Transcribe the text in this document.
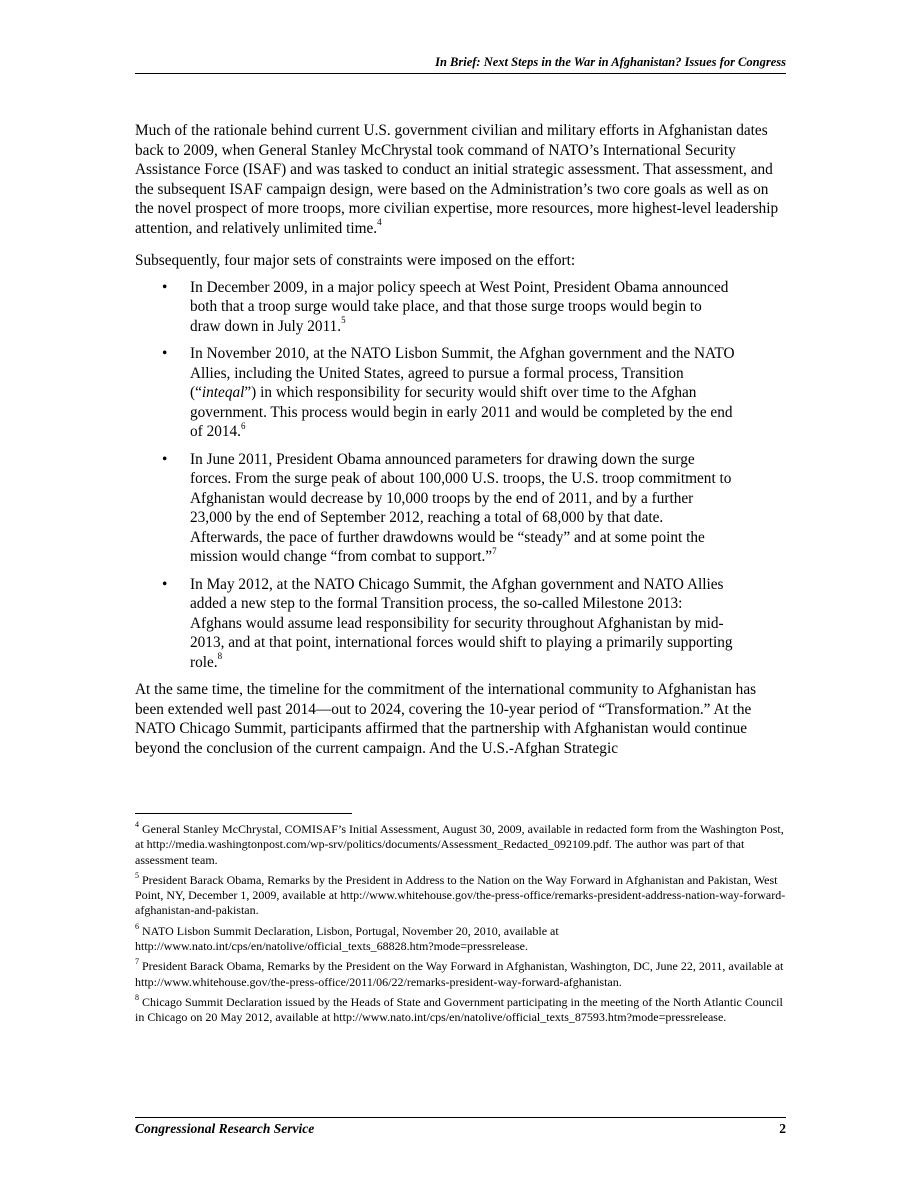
In Brief: Next Steps in the War in Afghanistan? Issues for Congress

Much of the rationale behind current U.S. government civilian and military efforts in Afghanistan dates back to 2009, when General Stanley McChrystal took command of NATO’s International Security Assistance Force (ISAF) and was tasked to conduct an initial strategic assessment. That assessment, and the subsequent ISAF campaign design, were based on the Administration’s two core goals as well as on the novel prospect of more troops, more civilian expertise, more resources, more highest-level leadership attention, and relatively unlimited time.$^4$

Subsequently, four major sets of constraints were imposed on the effort:

• In December 2009, in a major policy speech at West Point, President Obama announced both that a troop surge would take place, and that those surge troops would begin to draw down in July 2011.$^5$
• In November 2010, at the NATO Lisbon Summit, the Afghan government and the NATO Allies, including the United States, agreed to pursue a formal process, Transition (“inteqal”) in which responsibility for security would shift over time to the Afghan government. This process would begin in early 2011 and would be completed by the end of 2014.$^6$
• In June 2011, President Obama announced parameters for drawing down the surge forces. From the surge peak of about 100,000 U.S. troops, the U.S. troop commitment to Afghanistan would decrease by 10,000 troops by the end of 2011, and by a further 23,000 by the end of September 2012, reaching a total of 68,000 by that date. Afterwards, the pace of further drawdowns would be “steady” and at some point the mission would change “from combat to support.”$^7$
• In May 2012, at the NATO Chicago Summit, the Afghan government and NATO Allies added a new step to the formal Transition process, the so-called Milestone 2013: Afghans would assume lead responsibility for security throughout Afghanistan by mid-2013, and at that point, international forces would shift to playing a primarily supporting role.$^8$

At the same time, the timeline for the commitment of the international community to Afghanistan has been extended well past 2014—out to 2024, covering the 10-year period of “Transformation.” At the NATO Chicago Summit, participants affirmed that the partnership with Afghanistan would continue beyond the conclusion of the current campaign. And the U.S.-Afghan Strategic

$^4$ General Stanley McChrystal, COMISAF’s Initial Assessment, August 30, 2009, available in redacted form from the Washington Post, at http://media.washingtonpost.com/wp-srv/politics/documents/Assessment_Redacted_092109.pdf. The author was part of that assessment team.

$^5$ President Barack Obama, Remarks by the President in Address to the Nation on the Way Forward in Afghanistan and Pakistan, West Point, NY, December 1, 2009, available at http://www.whitehouse.gov/the-press-office/remarks-president-address-nation-way-forward-afghanistan-and-pakistan.

$^6$ NATO Lisbon Summit Declaration, Lisbon, Portugal, November 20, 2010, available at http://www.nato.int/cps/en/natolive/official_texts_68828.htm?mode=pressrelease.

$^7$ President Barack Obama, Remarks by the President on the Way Forward in Afghanistan, Washington, DC, June 22, 2011, available at http://www.whitehouse.gov/the-press-office/2011/06/22/remarks-president-way-forward-afghanistan.

$^8$ Chicago Summit Declaration issued by the Heads of State and Government participating in the meeting of the North Atlantic Council in Chicago on 20 May 2012, available at http://www.nato.int/cps/en/natolive/official_texts_87593.htm?mode=pressrelease.

Congressional Research Service	2
